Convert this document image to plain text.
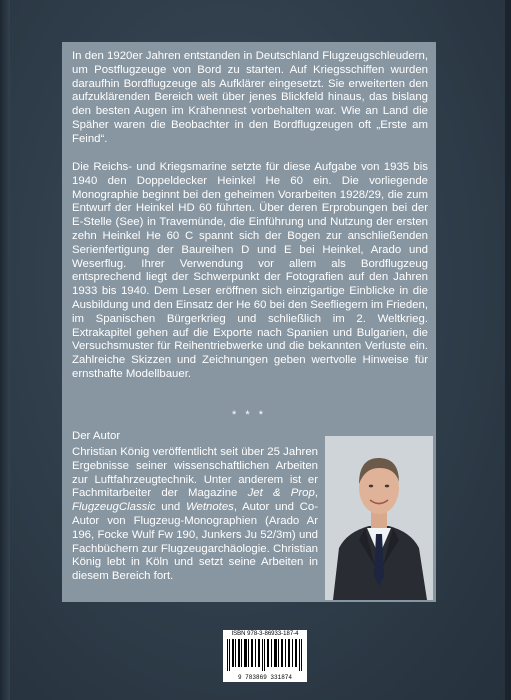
In den 1920er Jahren entstanden in Deutschland Flugzeugschleudern, um Postflugzeuge von Bord zu starten. Auf Kriegsschiffen wurden daraufhin Bordflugzeuge als Aufklärer eingesetzt. Sie erweiterten den aufzuklärenden Bereich weit über jenes Blickfeld hinaus, das bislang den besten Augen im Krähennest vorbehalten war. Wie an Land die Späher waren die Beobachter in den Bordflugzeugen oft „Erste am Feind“.
Die Reichs- und Kriegsmarine setzte für diese Aufgabe von 1935 bis 1940 den Doppeldecker Heinkel He 60 ein. Die vorliegende Monographie beginnt bei den geheimen Vorarbeiten 1928/29, die zum Entwurf der Heinkel HD 60 führten. Über deren Erprobungen bei der E-Stelle (See) in Travemünde, die Einführung und Nutzung der ersten zehn Heinkel He 60 C spannt sich der Bogen zur anschließenden Serienfertigung der Baureihen D und E bei Heinkel, Arado und Weserflug. Ihrer Verwendung vor allem als Bordflugzeug entsprechend liegt der Schwerpunkt der Fotografien auf den Jahren 1933 bis 1940. Dem Leser eröffnen sich einzigartige Einblicke in die Ausbildung und den Einsatz der He 60 bei den Seefliegern im Frieden, im Spanischen Bürgerkrieg und schließlich im 2. Weltkrieg. Extrakapitel gehen auf die Exporte nach Spanien und Bulgarien, die Versuchsmuster für Reihentriebwerke und die bekannten Verluste ein. Zahlreiche Skizzen und Zeichnungen geben wertvolle Hinweise für ernsthafte Modellbauer.
* * *
Der Autor
Christian König veröffentlicht seit über 25 Jahren Ergebnisse seiner wissenschaftlichen Arbeiten zur Luftfahrzeugtechnik. Unter anderem ist er Fachmitarbeiter der Magazine Jet & Prop, FlugzeugClassic und Wetnotes, Autor und Co-Autor von Flugzeug-Monographien (Arado Ar 196, Focke Wulf Fw 190, Junkers Ju 52/3m) und Fachbüchern zur Flugzeugarchäologie. Christian König lebt in Köln und setzt seine Arbeiten in diesem Bereich fort.
ISBN 978-3-86933-187-4
9 783869 331874
